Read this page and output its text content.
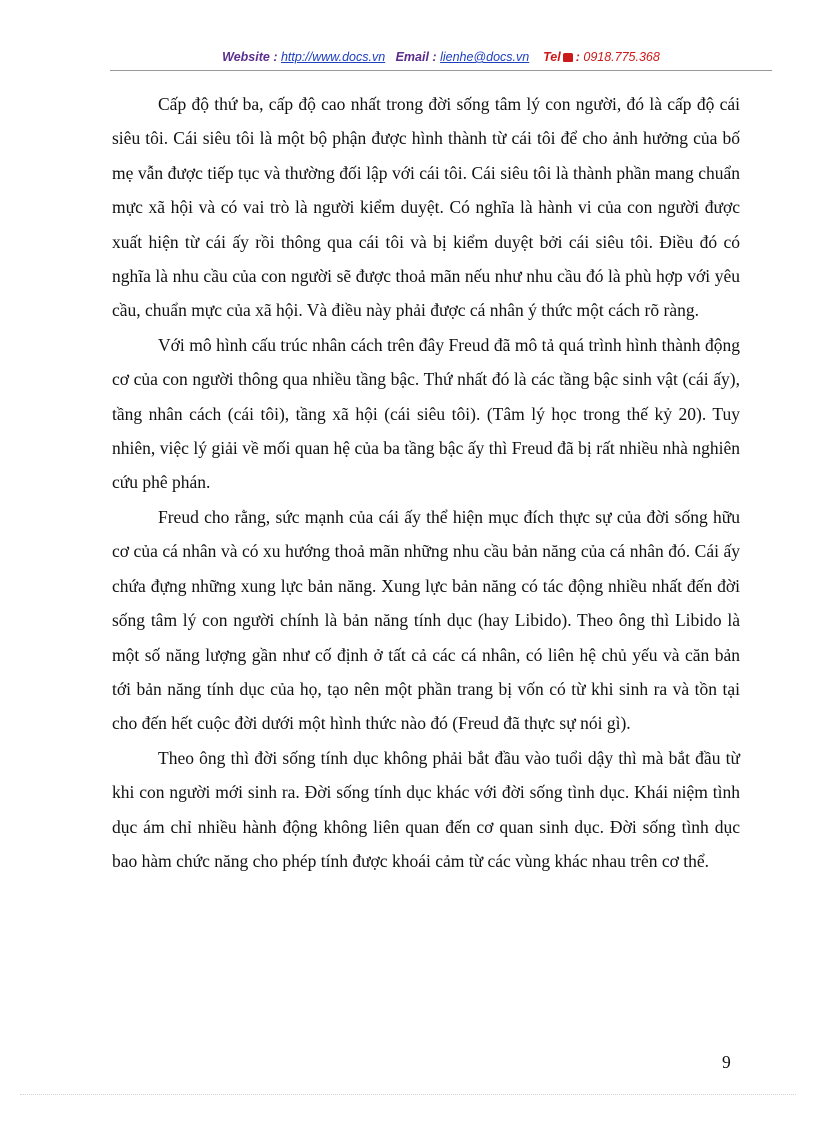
Website : http://www.docs.vn Email : lienhe@docs.vn Tel : 0918.775.368

Cấp độ thứ ba, cấp độ cao nhất trong đời sống tâm lý con người, đó là cấp độ cái siêu tôi. Cái siêu tôi là một bộ phận được hình thành từ cái tôi để cho ảnh hưởng của bố mẹ vẫn được tiếp tục và thường đối lập với cái tôi. Cái siêu tôi là thành phần mang chuẩn mực xã hội và có vai trò là người kiểm duyệt. Có nghĩa là hành vi của con người được xuất hiện từ cái ấy rồi thông qua cái tôi và bị kiểm duyệt bởi cái siêu tôi. Điều đó có nghĩa là nhu cầu của con người sẽ được thoả mãn nếu như nhu cầu đó là phù hợp với yêu cầu, chuẩn mực của xã hội. Và điều này phải được cá nhân ý thức một cách rõ ràng.

Với mô hình cấu trúc nhân cách trên đây Freud đã mô tả quá trình hình thành động cơ của con người thông qua nhiều tầng bậc. Thứ nhất đó là các tầng bậc sinh vật (cái ấy), tầng nhân cách (cái tôi), tầng xã hội (cái siêu tôi). (Tâm lý học trong thế kỷ 20). Tuy nhiên, việc lý giải về mối quan hệ của ba tầng bậc ấy thì Freud đã bị rất nhiều nhà nghiên cứu phê phán.

Freud cho rằng, sức mạnh của cái ấy thể hiện mục đích thực sự của đời sống hữu cơ của cá nhân và có xu hướng thoả mãn những nhu cầu bản năng của cá nhân đó. Cái ấy chứa đựng những xung lực bản năng. Xung lực bản năng có tác động nhiều nhất đến đời sống tâm lý con người chính là bản năng tính dục (hay Libido). Theo ông thì Libido là một số năng lượng gần như cố định ở tất cả các cá nhân, có liên hệ chủ yếu và căn bản tới bản năng tính dục của họ, tạo nên một phần trang bị vốn có từ khi sinh ra và tồn tại cho đến hết cuộc đời dưới một hình thức nào đó (Freud đã thực sự nói gì).

Theo ông thì đời sống tính dục không phải bắt đầu vào tuổi dậy thì mà bắt đầu từ khi con người mới sinh ra. Đời sống tính dục khác với đời sống tình dục. Khái niệm tình dục ám chỉ nhiều hành động không liên quan đến cơ quan sinh dục. Đời sống tình dục bao hàm chức năng cho phép tính được khoái cảm từ các vùng khác nhau trên cơ thể.

9
